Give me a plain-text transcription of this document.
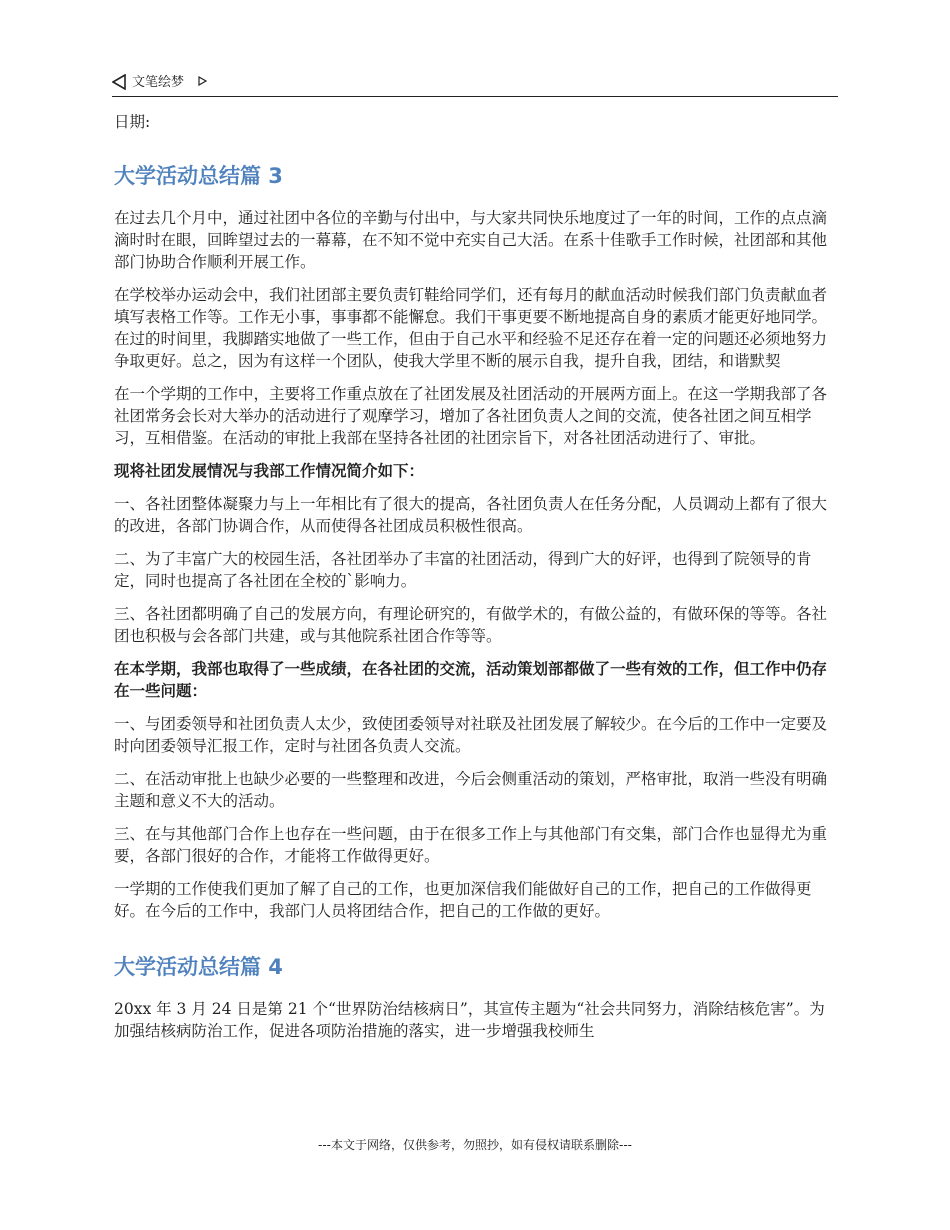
文笔绘梦

日期:

大学活动总结篇 3

在过去几个月中，通过社团中各位的辛勤与付出中，与大家共同快乐地度过了一年的时间，工作的点点滴滴时时在眼，回眸望过去的一幕幕，在不知不觉中充实自己大活。在系十佳歌手工作时候，社团部和其他部门协助合作顺利开展工作。

在学校举办运动会中，我们社团部主要负责钉鞋给同学们，还有每月的献血活动时候我们部门负责献血者填写表格工作等。工作无小事，事事都不能懈怠。我们干事更要不断地提高自身的素质才能更好地同学。在过的时间里，我脚踏实地做了一些工作，但由于自己水平和经验不足还存在着一定的问题还必须地努力争取更好。总之，因为有这样一个团队，使我大学里不断的展示自我，提升自我，团结，和谐默契

在一个学期的工作中，主要将工作重点放在了社团发展及社团活动的开展两方面上。在这一学期我部了各社团常务会长对大举办的活动进行了观摩学习，增加了各社团负责人之间的交流，使各社团之间互相学习，互相借鉴。在活动的审批上我部在坚持各社团的社团宗旨下，对各社团活动进行了、审批。

现将社团发展情况与我部工作情况简介如下：

一、各社团整体凝聚力与上一年相比有了很大的提高，各社团负责人在任务分配，人员调动上都有了很大的改进，各部门协调合作，从而使得各社团成员积极性很高。

二、为了丰富广大的校园生活，各社团举办了丰富的社团活动，得到广大的好评，也得到了院领导的肯定，同时也提高了各社团在全校的`影响力。

三、各社团都明确了自己的发展方向，有理论研究的，有做学术的，有做公益的，有做环保的等等。各社团也积极与会各部门共建，或与其他院系社团合作等等。

在本学期，我部也取得了一些成绩，在各社团的交流，活动策划部都做了一些有效的工作，但工作中仍存在一些问题：

一、与团委领导和社团负责人太少，致使团委领导对社联及社团发展了解较少。在今后的工作中一定要及时向团委领导汇报工作，定时与社团各负责人交流。

二、在活动审批上也缺少必要的一些整理和改进，今后会侧重活动的策划，严格审批，取消一些没有明确主题和意义不大的活动。

三、在与其他部门合作上也存在一些问题，由于在很多工作上与其他部门有交集，部门合作也显得尤为重要，各部门很好的合作，才能将工作做得更好。

一学期的工作使我们更加了解了自己的工作，也更加深信我们能做好自己的工作，把自己的工作做得更好。在今后的工作中，我部门人员将团结合作，把自己的工作做的更好。

大学活动总结篇 4

20xx 年 3 月 24 日是第 21 个“世界防治结核病日”，其宣传主题为“社会共同努力，消除结核危害”。为加强结核病防治工作，促进各项防治措施的落实，进一步增强我校师生

---本文于网络，仅供参考，勿照抄，如有侵权请联系删除---
